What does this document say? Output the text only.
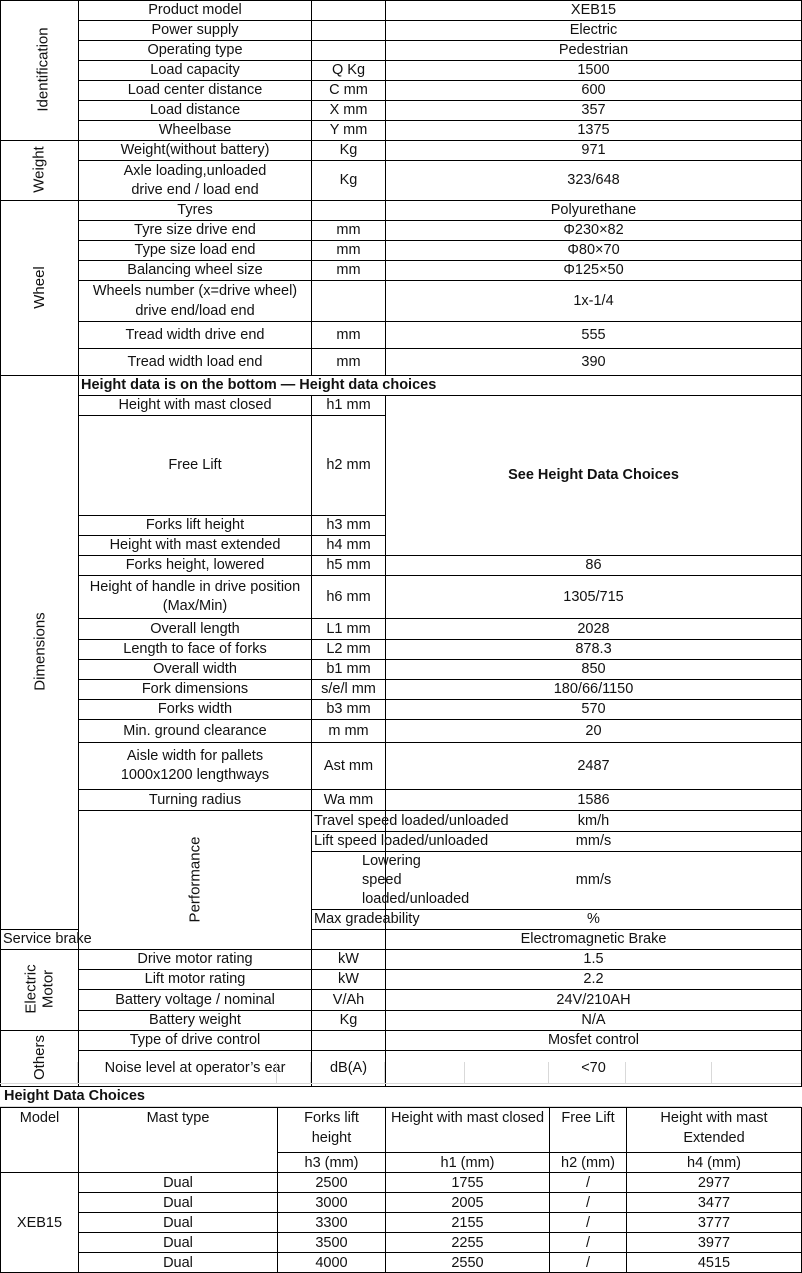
Identification	Product model		XEB15	
	Power supply		Electric	
	Operating type		Pedestrian	
	Load capacity	Q Kg	1500	
	Load center distance	C mm	600	
	Load distance	X mm	357	
	Wheelbase	Y mm	1375	
Weight	Weight(without battery)	Kg	971	
	Axle loading,unloaded drive end / load end	Kg	323/648	
Wheel	Tyres		Polyurethane	
	Tyre size drive end	mm	Φ230×82	
	Type size load end	mm	Φ80×70	
	Balancing wheel size	mm	Φ125×50	
	Wheels number (x=drive wheel) drive end/load end		1x-1/4	
	Tread width drive end	mm	555	
	Tread width load end	mm	390	
Dimensions	Height data is on the bottom — Height data choices			
	Height with mast closed	h1 mm	See Height Data Choices	
	Free Lift	h2 mm		
	Forks lift height	h3 mm		
	Height with mast extended	h4 mm		
	Forks height, lowered	h5 mm	86	
	Height of handle in drive position (Max/Min)	h6 mm	1305/715	
	Overall length	L1 mm	2028	
	Length to face of forks	L2 mm	878.3	
	Overall width	b1 mm	850	
	Fork dimensions	s/e/l mm	180/66/1150	
	Forks width	b3 mm	570	
	Min. ground clearance	m mm	20	
	Aisle width for pallets 1000x1200 lengthways	Ast mm	2487	
	Turning radius	Wa mm	1586	
	Performance	Travel speed loaded/unloaded	km/h	
		Lift speed loaded/unloaded	mm/s	
		Lowering speed loaded/unloaded	mm/s	
		Max gradeability	%	
Service brake			Electromagnetic Brake	
Electric
Motor	Drive motor rating	kW	1.5	
	Lift motor rating	kW	2.2	
	Battery voltage / nominal	V/Ah	24V/210AH	
	Battery weight	Kg	N/A	
Others	Type of drive control		Mosfet control	
	Noise level at operator’s ear	dB(A)	<70	
Height Data Choices
Model	Mast type	Forks lift height	Height with mast closed	Free Lift	Height with mast Extended
		h3 (mm)	h1 (mm)	h2 (mm)	h4 (mm)
XEB15	Dual	2500	1755	/	2977
	Dual	3000	2005	/	3477
	Dual	3300	2155	/	3777
	Dual	3500	2255	/	3977
	Dual	4000	2550	/	4515
